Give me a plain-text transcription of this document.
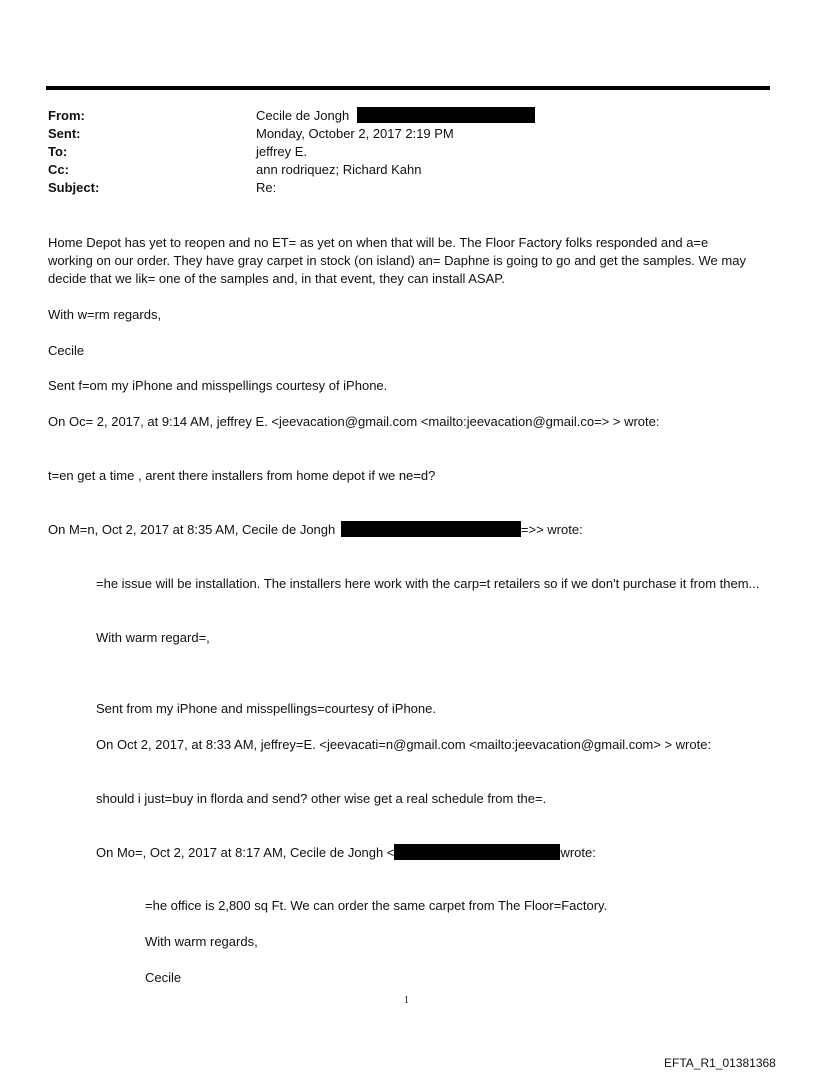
From:	Cecile de Jongh
Sent:	Monday, October 2, 2017 2:19 PM
To:	jeffrey E.
Cc:	ann rodriquez; Richard Kahn
Subject:	Re:
Home Depot has yet to reopen and no ET= as yet on when that will be. The Floor Factory folks responded and a=e working on our order. They have gray carpet in stock (on island) an= Daphne is going to go and get the samples. We may decide that we lik= one of the samples and, in that event, they can install ASAP.
With w=rm regards,
Cecile
Sent f=om my iPhone and misspellings courtesy of iPhone.
On Oc= 2, 2017, at 9:14 AM, jeffrey E. <jeevacation@gmail.com <mailto:jeevacation@gmail.co=> > wrote:
t=en get a time , arent there installers from home depot if we ne=d?
On M=n, Oct 2, 2017 at 8:35 AM, Cecile de Jongh	=>> wrote:
=he issue will be installation. The installers here work with the carp=t retailers so if we don't purchase it from them...
With warm regard=,
Sent from my iPhone and misspellings=courtesy of iPhone.
On Oct 2, 2017, at 8:33 AM, jeffrey=E. <jeevacati=n@gmail.com <mailto:jeevacation@gmail.com> > wrote:
should i just=buy in florda and send? other wise get a real schedule from the=.
On Mo=, Oct 2, 2017 at 8:17 AM, Cecile de Jongh <	wrote:
=he office is 2,800 sq Ft. We can order the same carpet from The Floor=Factory.
With warm regards,
Cecile
1
EFTA_R1_01381368
